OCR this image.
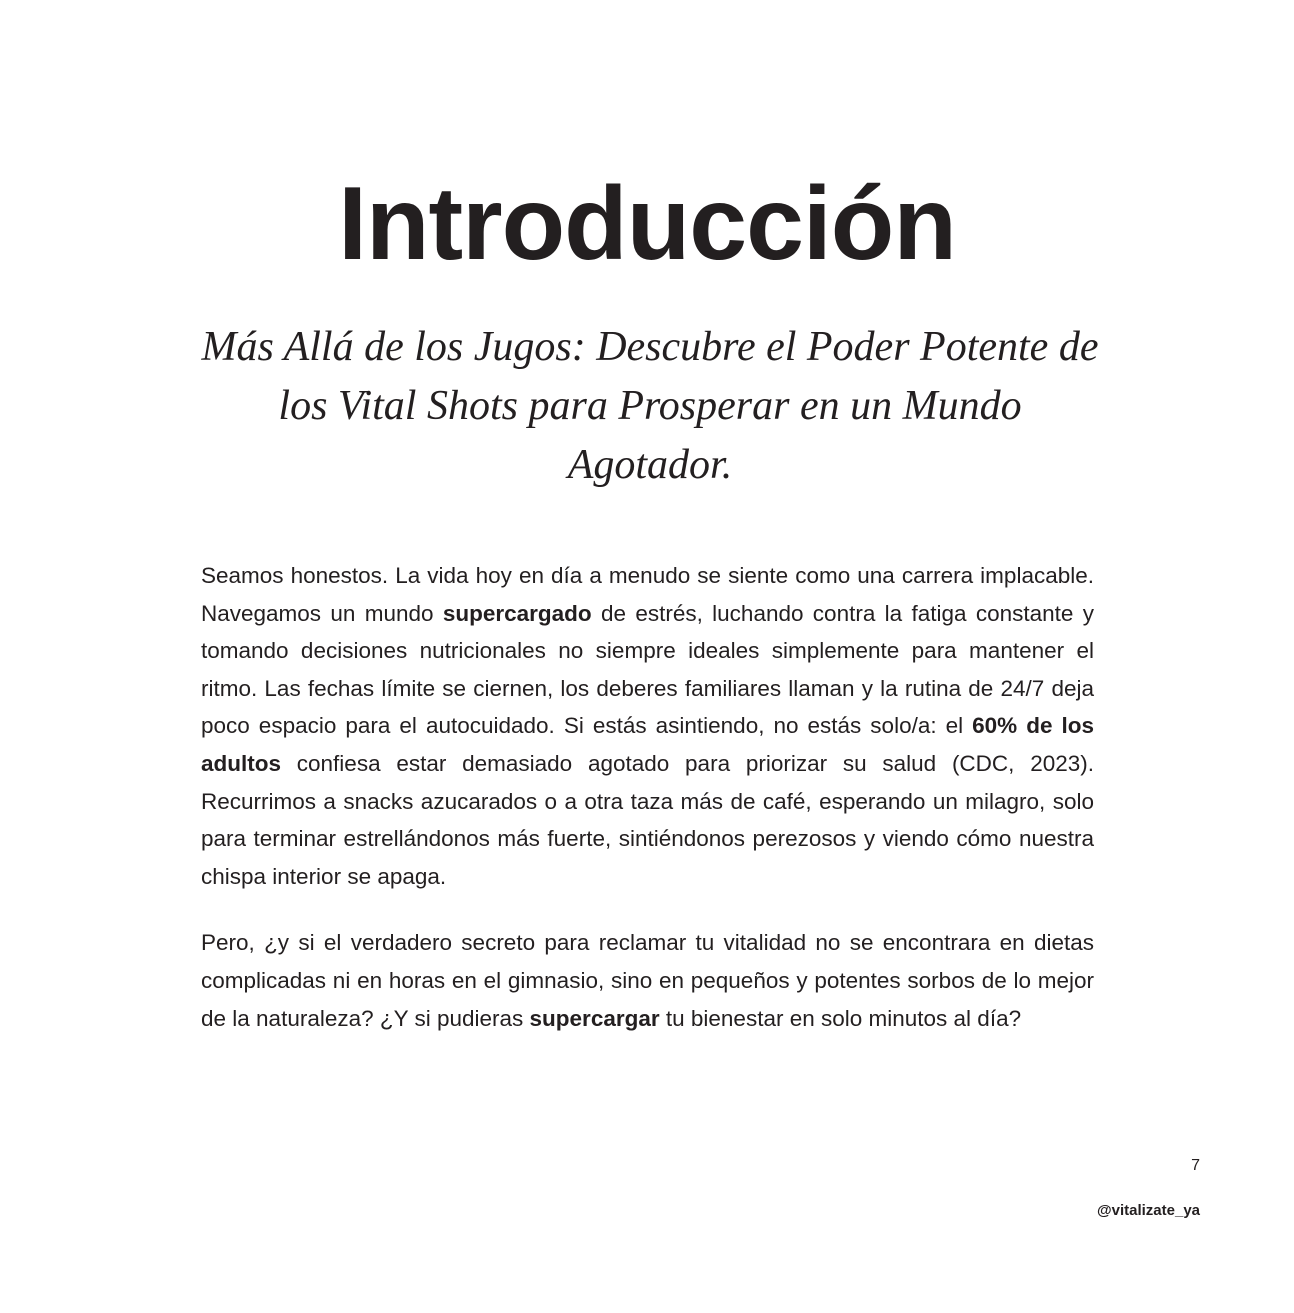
Introducción
Más Allá de los Jugos: Descubre el Poder Potente de los Vital Shots para Prosperar en un Mundo Agotador.

Seamos honestos. La vida hoy en día a menudo se siente como una carrera implacable. Navegamos un mundo supercargado de estrés, luchando contra la fatiga constante y tomando decisiones nutricionales no siempre ideales simplemente para mantener el ritmo. Las fechas límite se ciernen, los deberes familiares llaman y la rutina de 24/7 deja poco espacio para el autocuidado. Si estás asintiendo, no estás solo/a: el 60% de los adultos confiesa estar demasiado agotado para priorizar su salud (CDC, 2023). Recurrimos a snacks azucarados o a otra taza más de café, esperando un milagro, solo para terminar estrellándonos más fuerte, sintiéndonos perezosos y viendo cómo nuestra chispa interior se apaga.

Pero, ¿y si el verdadero secreto para reclamar tu vitalidad no se encontrara en dietas complicadas ni en horas en el gimnasio, sino en pequeños y potentes sorbos de lo mejor de la naturaleza? ¿Y si pudieras supercargar tu bienestar en solo minutos al día?

7
@vitalizate_ya
